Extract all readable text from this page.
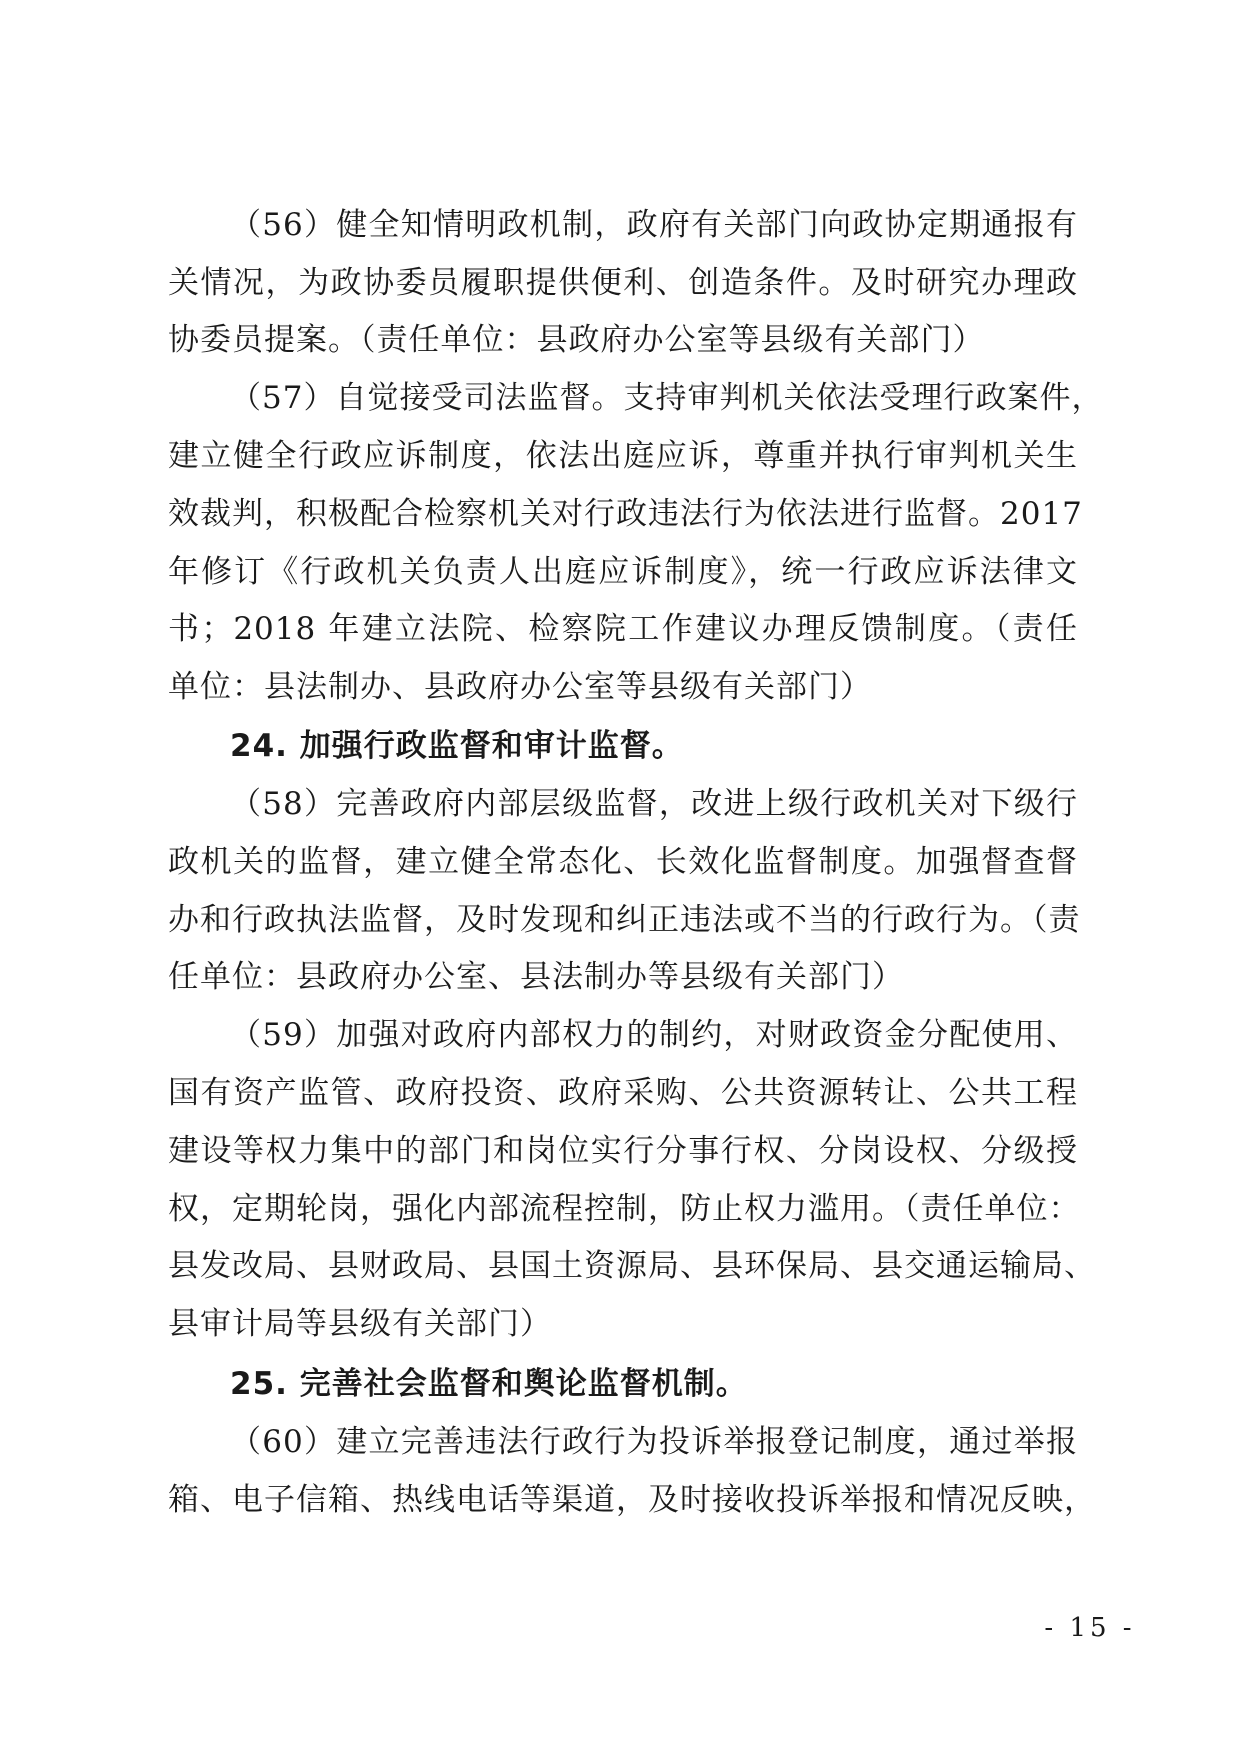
（56）健全知情明政机制，政府有关部门向政协定期通报有
关情况，为政协委员履职提供便利、创造条件。及时研究办理政
协委员提案。（责任单位：县政府办公室等县级有关部门）
（57）自觉接受司法监督。支持审判机关依法受理行政案件，
建立健全行政应诉制度，依法出庭应诉，尊重并执行审判机关生
效裁判，积极配合检察机关对行政违法行为依法进行监督。2017
年修订《行政机关负责人出庭应诉制度》，统一行政应诉法律文
书；2018 年建立法院、检察院工作建议办理反馈制度。（责任
单位：县法制办、县政府办公室等县级有关部门）
24. 加强行政监督和审计监督。
（58）完善政府内部层级监督，改进上级行政机关对下级行
政机关的监督，建立健全常态化、长效化监督制度。加强督查督
办和行政执法监督，及时发现和纠正违法或不当的行政行为。（责
任单位：县政府办公室、县法制办等县级有关部门）
（59）加强对政府内部权力的制约，对财政资金分配使用、
国有资产监管、政府投资、政府采购、公共资源转让、公共工程
建设等权力集中的部门和岗位实行分事行权、分岗设权、分级授
权，定期轮岗，强化内部流程控制，防止权力滥用。（责任单位：
县发改局、县财政局、县国土资源局、县环保局、县交通运输局、
县审计局等县级有关部门）
25. 完善社会监督和舆论监督机制。
（60）建立完善违法行政行为投诉举报登记制度，通过举报
箱、电子信箱、热线电话等渠道，及时接收投诉举报和情况反映，
- 15 -
